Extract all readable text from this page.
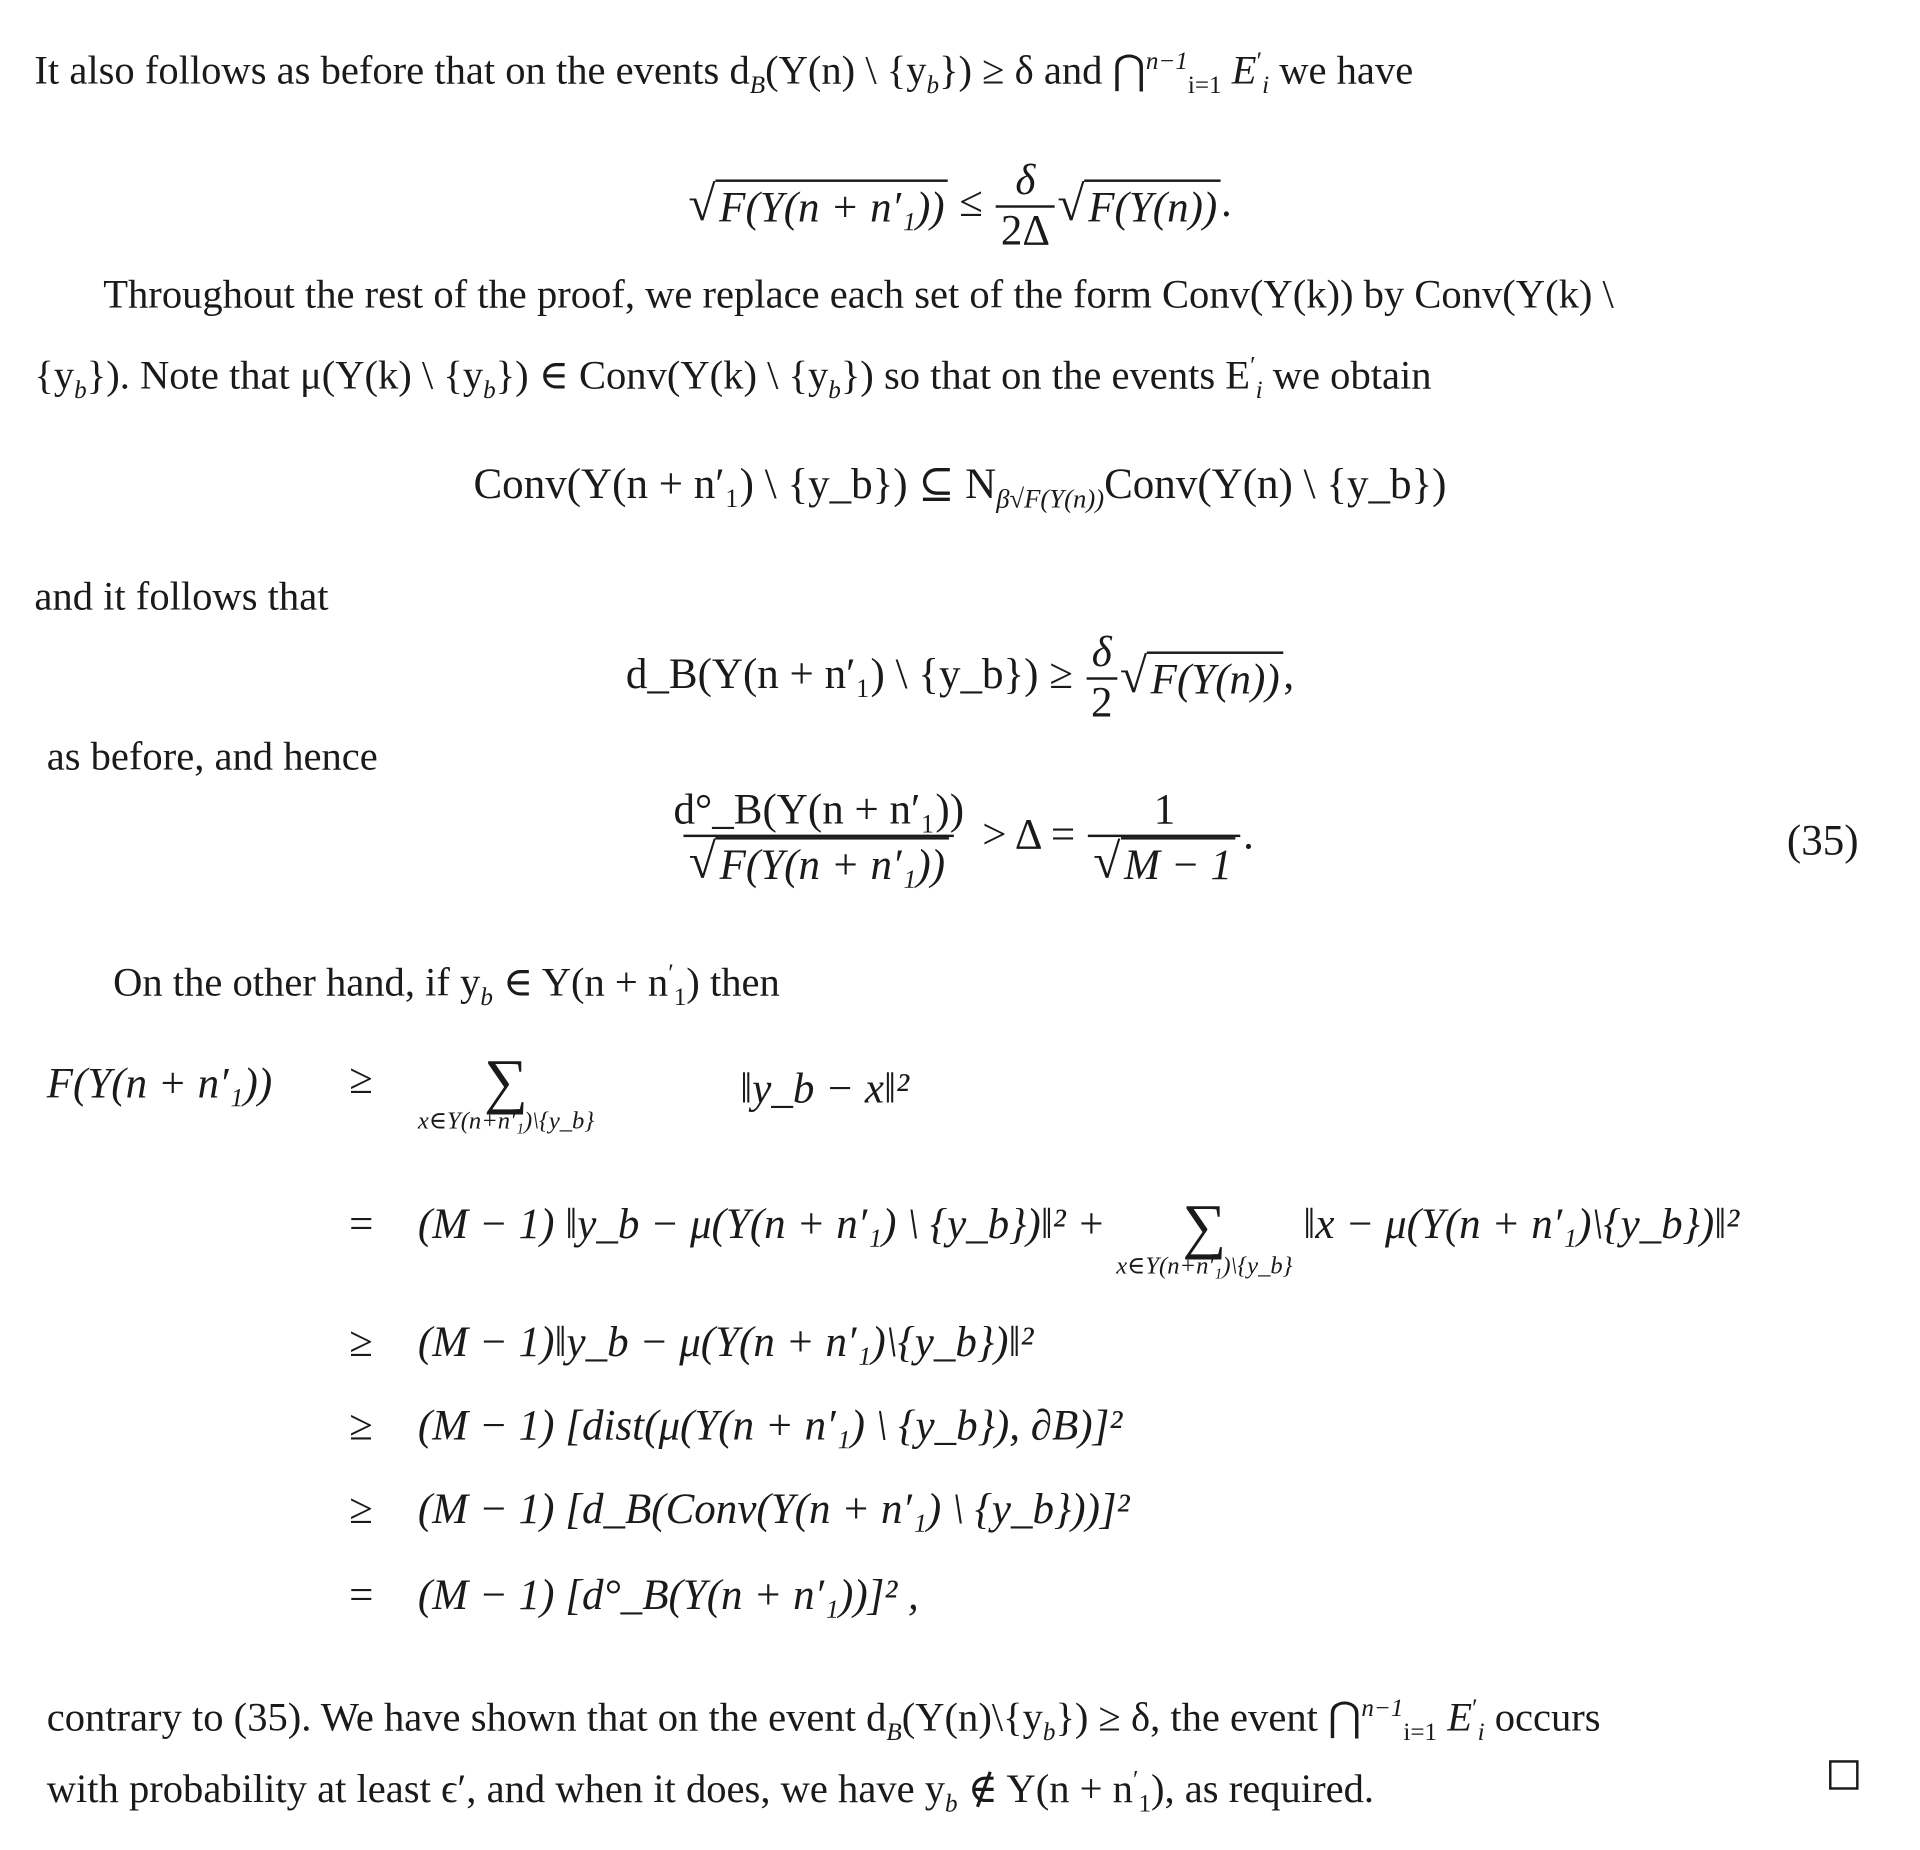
It also follows as before that on the events $d_B(Y(n)$ \ $\{y_b\}) \ge \delta$ and ⋂$^{n-1}_{i=1}$ $E'_i$ we have
√ $F(Y(n + n'_1)) \le \frac{\delta}{2\Delta}$ √ F(Y(n)) .
Throughout the rest of the proof, we replace each set of the form Conv(Y(k)) by Conv(Y(k) \
$\{y_b\}$). Note that μ(Y(k) \ $\{y_b\}$) ∈ Conv(Y(k) \ $\{y_b\}$) so that on the events $E'_i$ we obtain
Conv(Y(n + n′₁) \ {y_b}) ⊆ $N_{\beta√F(Y(n))}Conv(Y(n)$ \ {y_b})
and it follows that
d_B(Y(n + n′₁) \ {y_b}) ≥ $\frac{\delta}{2}$ √ F(Y(n)) ,
as before, and hence
$\frac{\text{d°\_B(Y(n + n′₁))}}{\text{√ F(Y(n + n′₁))}} > \Delta = \frac{1}{√ M - 1}$ .	(35)
On the other hand, if $y_b$ ∈ $Y(n + n'_1)$ then
F(Y(n + n′₁)) ≥ ∑
x∈Y(n+n′₁)\{y_b}
‖y_b − x‖²
= (M − 1) ‖y_b − μ(Y(n + n′₁) \ {y_b})‖² + ∑
x∈Y(n+n′₁)\{y_b}
‖x − μ(Y(n + n′₁)\{y_b})‖²
≥ (M − 1)‖y_b − μ(Y(n + n′₁)\{y_b})‖²
≥ (M − 1) [dist(μ(Y(n + n′₁) \ {y_b}), ∂B)]²
≥ (M − 1) [d_B(Conv(Y(n + n′₁) \ {y_b}))]²
= (M − 1) [d°_B(Y(n + n′₁))]² ,
contrary to (35). We have shown that on the event $d_B(Y(n)\backslash\{y_b\}) \ge \delta$, the event ⋂$^{n-1}_{i=1}$ $E'_i$ occurs
with probability at least ϵ′, and when it does, we have $y_b$ ∉ $Y(n + n'_1)$, as required.
